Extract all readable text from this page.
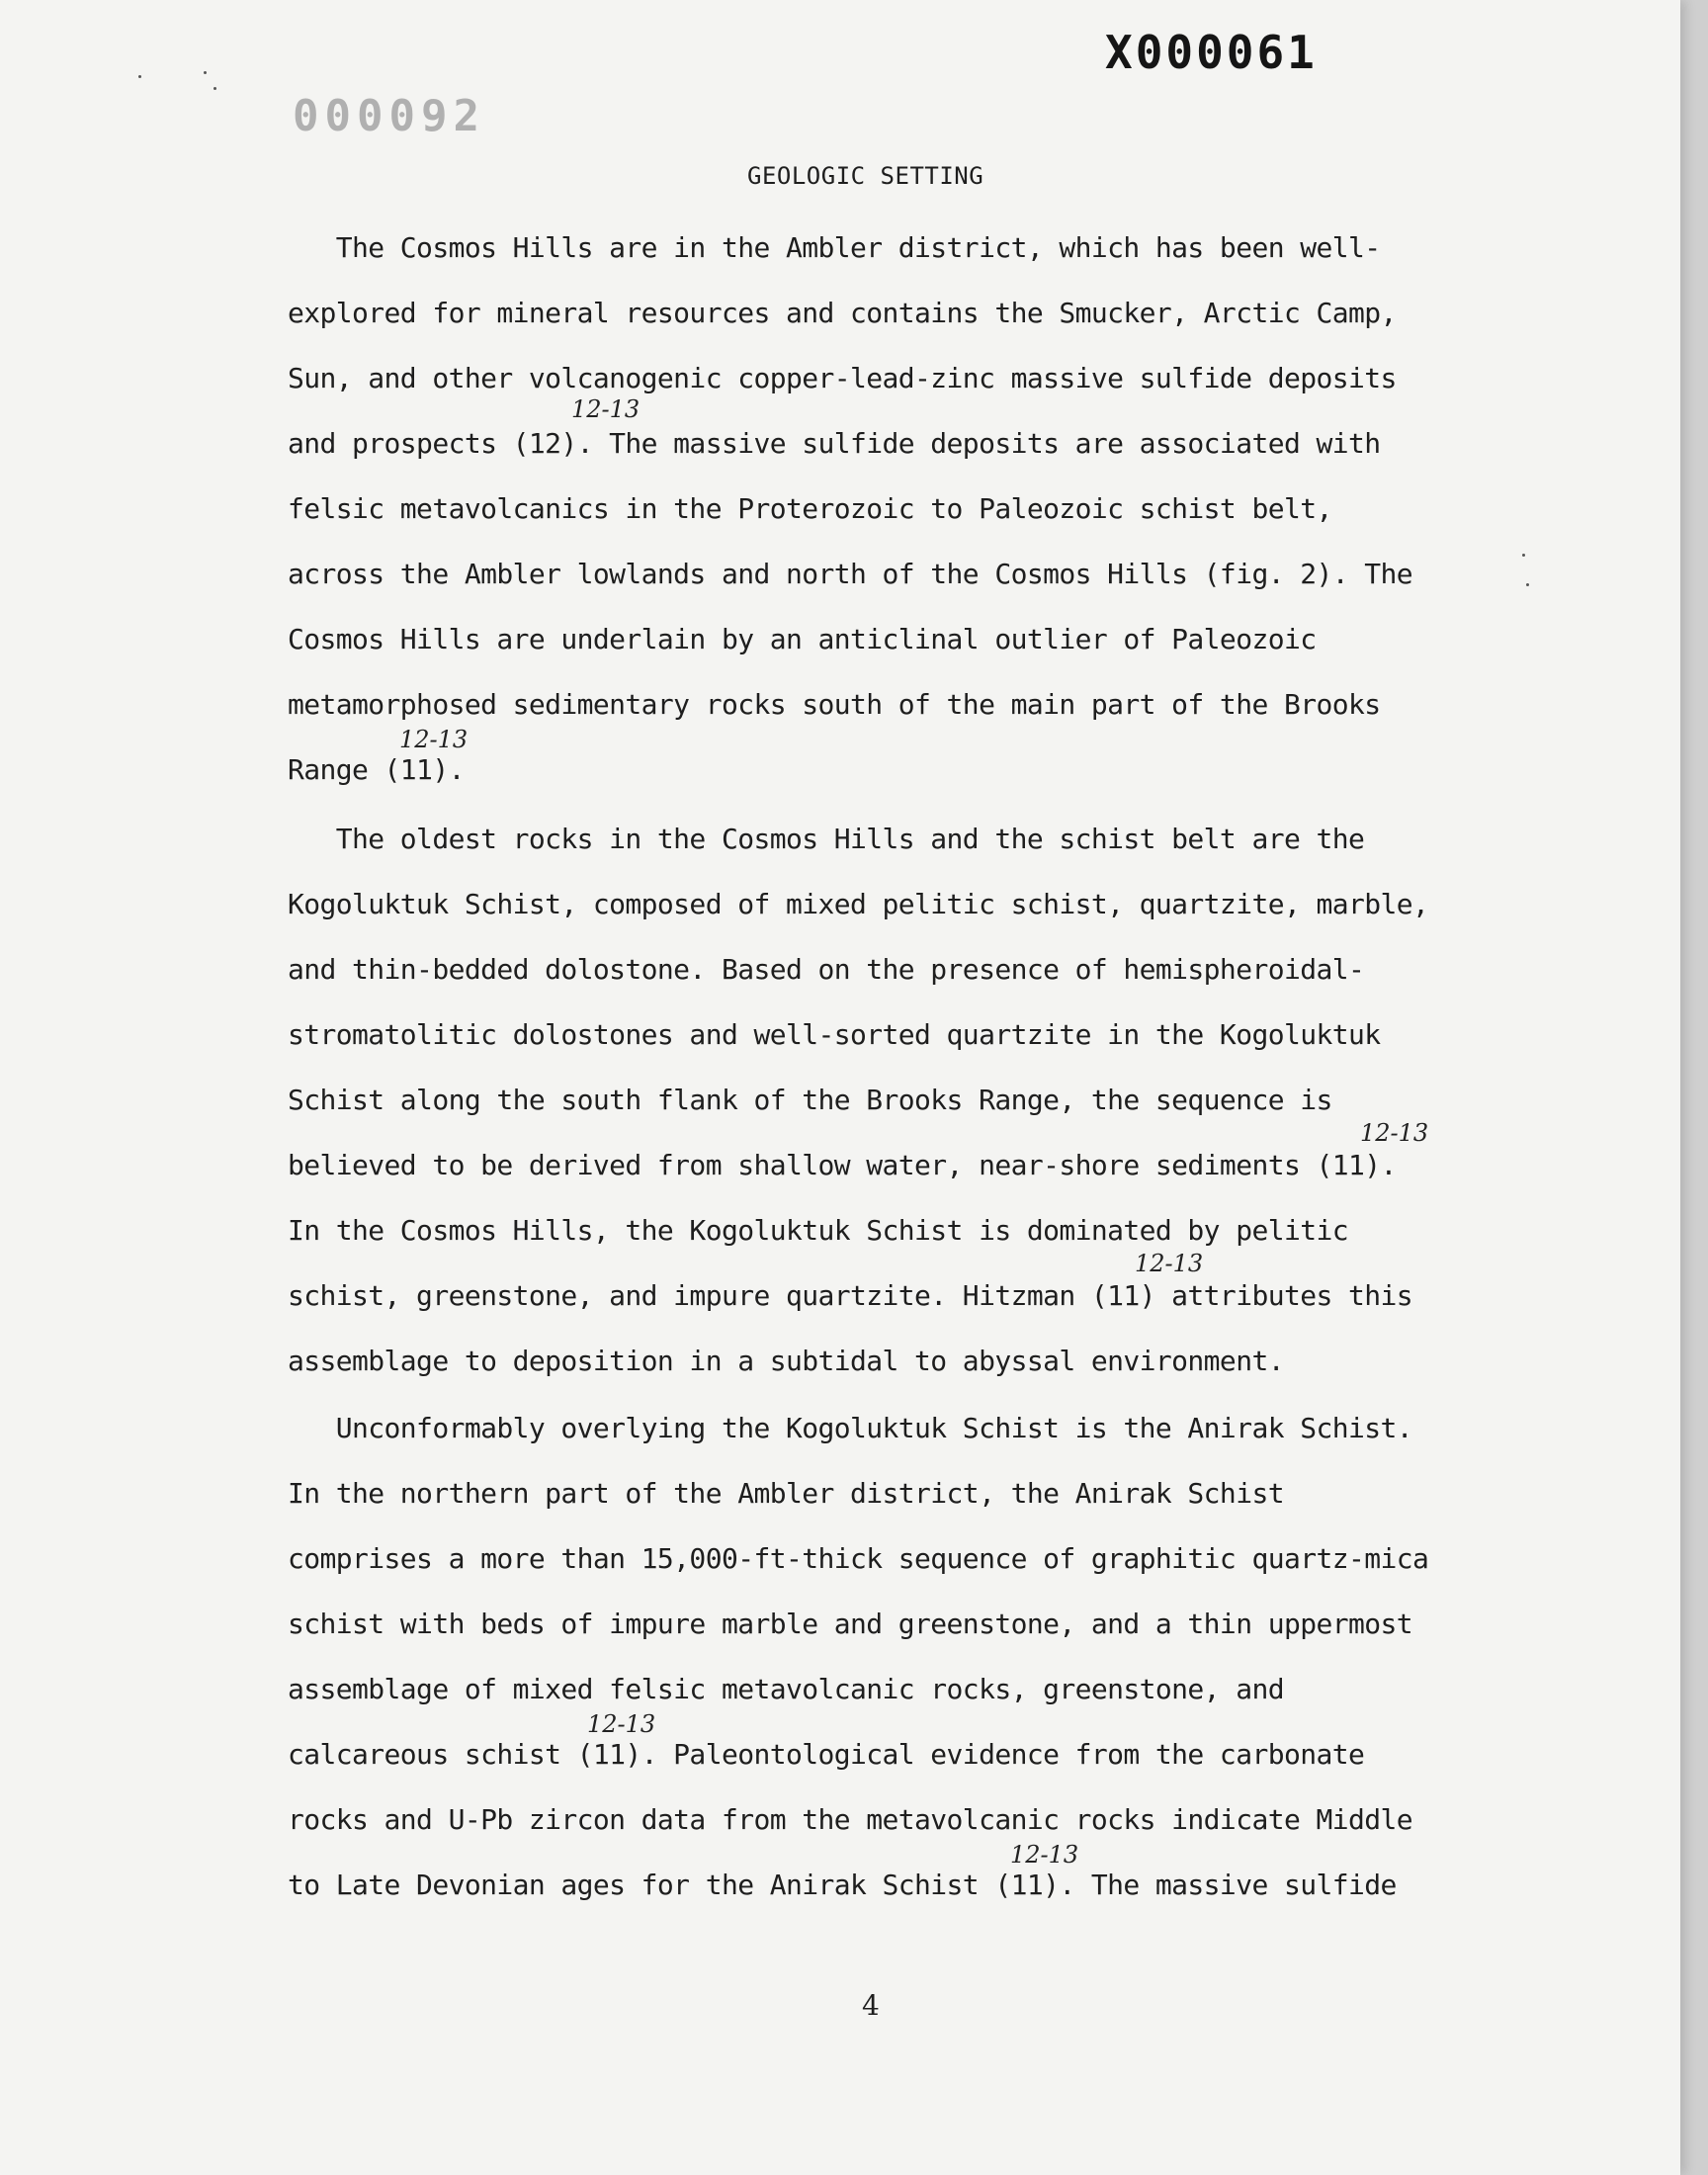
X000061
000092
GEOLOGIC SETTING
The Cosmos Hills are in the Ambler district, which has been well-
explored for mineral resources and contains the Smucker, Arctic Camp,
Sun, and other volcanogenic copper-lead-zinc massive sulfide deposits
and prospects (12). The massive sulfide deposits are associated with
felsic metavolcanics in the Proterozoic to Paleozoic schist belt,
across the Ambler lowlands and north of the Cosmos Hills (fig. 2). The
Cosmos Hills are underlain by an anticlinal outlier of Paleozoic
metamorphosed sedimentary rocks south of the main part of the Brooks
Range (11).
The oldest rocks in the Cosmos Hills and the schist belt are the
Kogoluktuk Schist, composed of mixed pelitic schist, quartzite, marble,
and thin-bedded dolostone. Based on the presence of hemispheroidal-
stromatolitic dolostones and well-sorted quartzite in the Kogoluktuk
Schist along the south flank of the Brooks Range, the sequence is
believed to be derived from shallow water, near-shore sediments (11).
In the Cosmos Hills, the Kogoluktuk Schist is dominated by pelitic
schist, greenstone, and impure quartzite. Hitzman (11) attributes this
assemblage to deposition in a subtidal to abyssal environment.
Unconformably overlying the Kogoluktuk Schist is the Anirak Schist.
In the northern part of the Ambler district, the Anirak Schist
comprises a more than 15,000-ft-thick sequence of graphitic quartz-mica
schist with beds of impure marble and greenstone, and a thin uppermost
assemblage of mixed felsic metavolcanic rocks, greenstone, and
calcareous schist (11). Paleontological evidence from the carbonate
rocks and U-Pb zircon data from the metavolcanic rocks indicate Middle
to Late Devonian ages for the Anirak Schist (11). The massive sulfide
12-13
12-13
12-13
12-13
12-13
12-13
4
